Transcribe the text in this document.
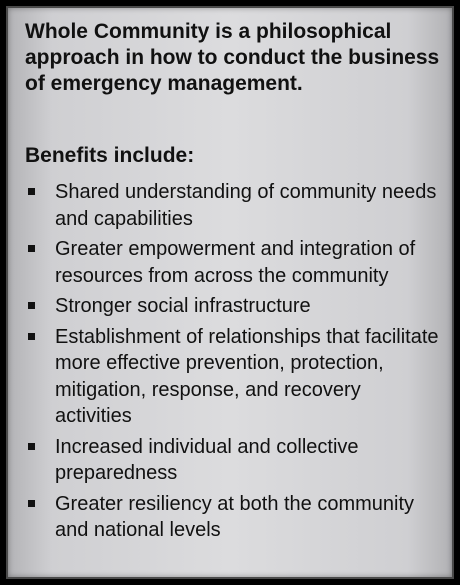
Whole Community is a philosophical approach in how to conduct the business of emergency management.

Benefits include:

Shared understanding of community needs and capabilities
Greater empowerment and integration of resources from across the community
Stronger social infrastructure
Establishment of relationships that facilitate more effective prevention, protection, mitigation, response, and recovery activities
Increased individual and collective preparedness
Greater resiliency at both the community and national levels
